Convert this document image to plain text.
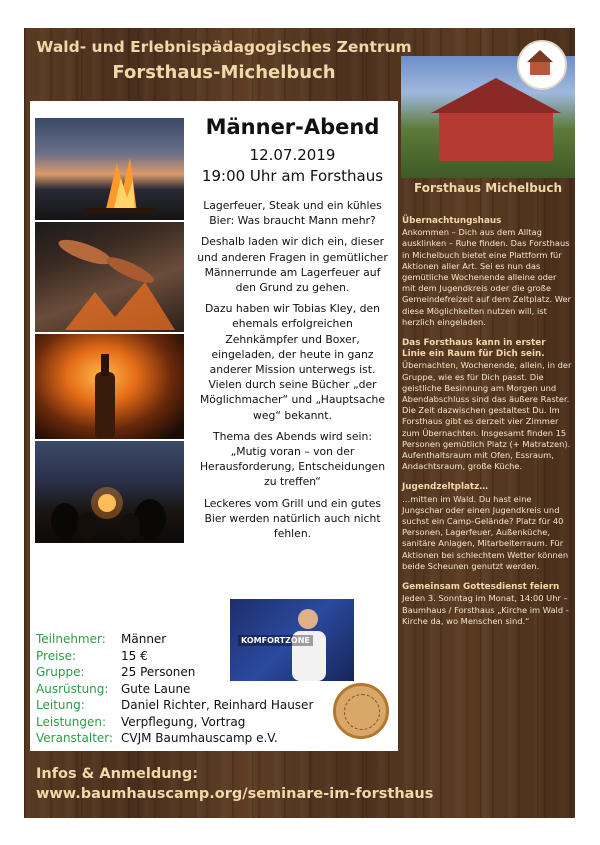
Wald- und Erlebnispädagogisches Zentrum
Forsthaus-Michelbuch
Männer-Abend
12.07.2019
19:00 Uhr am Forsthaus

Lagerfeuer, Steak und ein kühles Bier: Was braucht Mann mehr?

Deshalb laden wir dich ein, dieser und anderen Fragen in gemütlicher Männerrunde am Lagerfeuer auf den Grund zu gehen.

Dazu haben wir Tobias Kley, den ehemals erfolgreichen Zehnkämpfer und Boxer, eingeladen, der heute in ganz anderer Mission unterwegs ist. Vielen durch seine Bücher „der Möglichmacher“ und „Hauptsache weg“ bekannt.

Thema des Abends wird sein: „Mutig voran – von der Herausforderung, Entscheidungen zu treffen“

Leckeres vom Grill und ein gutes Bier werden natürlich auch nicht fehlen.

KOMFORTZONE
Teilnehmer:	Männer
Preise:	15 €
Gruppe:	25 Personen
Ausrüstung:	Gute Laune
Leitung:	Daniel Richter, Reinhard Hauser
Leistungen:	Verpflegung, Vortrag
Veranstalter: CVJM Baumhauscamp e.V.
Forsthaus Michelbuch
Übernachtungshaus

Ankommen – Dich aus dem Alltag ausklinken – Ruhe finden. Das Forsthaus in Michelbuch bietet eine Plattform für Aktionen aller Art. Sei es nun das gemütliche Wochenende alleine oder mit dem Jugendkreis oder die große Gemeindefreizeit auf dem Zeltplatz. Wer diese Möglichkeiten nutzen will, ist herzlich eingeladen.

Das Forsthaus kann in erster Linie ein Raum für Dich sein.

Übernachten, Wochenende, allein, in der Gruppe, wie es für Dich passt. Die geistliche Besinnung am Morgen und Abendabschluss sind das äußere Raster. Die Zeit dazwischen gestaltest Du. Im Forsthaus gibt es derzeit vier Zimmer zum Übernachten. Insgesamt finden 15 Personen gemütlich Platz (+ Matratzen). Aufenthaltsraum mit Ofen, Essraum, Andachtsraum, große Küche.

Jugendzeltplatz…

…mitten im Wald. Du hast eine Jungschar oder einen Jugendkreis und suchst ein Camp-Gelände? Platz für 40 Personen, Lagerfeuer, Außenküche, sanitäre Anlagen, Mitarbeiterraum. Für Aktionen bei schlechtem Wetter können beide Scheunen genutzt werden.

Gemeinsam Gottesdienst feiern

Jeden 3. Sonntag im Monat, 14:00 Uhr – Baumhaus / Forsthaus „Kirche im Wald - Kirche da, wo Menschen sind.“

Infos & Anmeldung:
www.baumhauscamp.org/seminare-im-forsthaus
